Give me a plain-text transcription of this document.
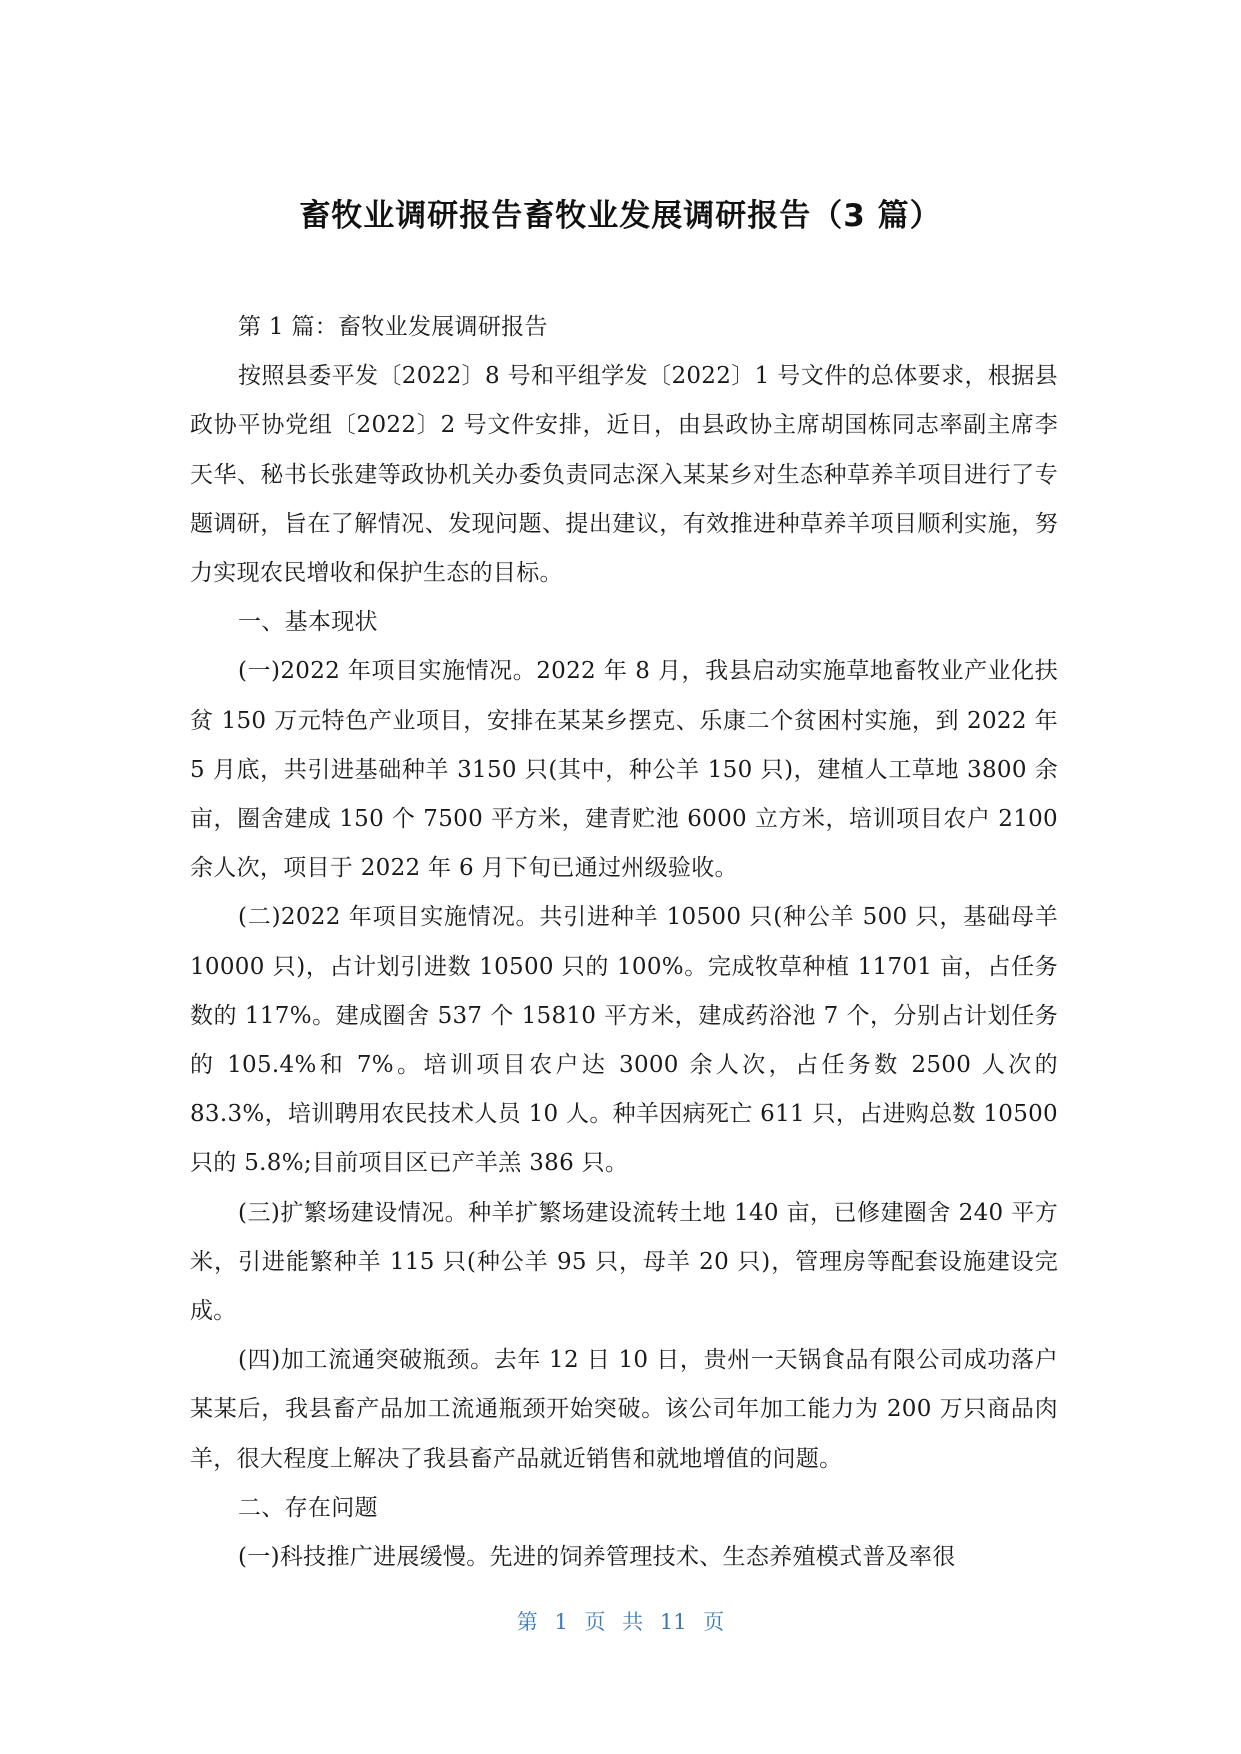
畜牧业调研报告畜牧业发展调研报告（3 篇）

第 1 篇：畜牧业发展调研报告

按照县委平发〔2022〕8 号和平组学发〔2022〕1 号文件的总体要求，根据县政协平协党组〔2022〕2 号文件安排，近日，由县政协主席胡国栋同志率副主席李天华、秘书长张建等政协机关办委负责同志深入某某乡对生态种草养羊项目进行了专题调研，旨在了解情况、发现问题、提出建议，有效推进种草养羊项目顺利实施，努力实现农民增收和保护生态的目标。

一、基本现状

(一)2022 年项目实施情况。2022 年 8 月，我县启动实施草地畜牧业产业化扶贫 150 万元特色产业项目，安排在某某乡摆克、乐康二个贫困村实施，到 2022 年 5 月底，共引进基础种羊 3150 只(其中，种公羊 150 只)，建植人工草地 3800 余亩，圈舍建成 150 个 7500 平方米，建青贮池 6000 立方米，培训项目农户 2100 余人次，项目于 2022 年 6 月下旬已通过州级验收。

(二)2022 年项目实施情况。共引进种羊 10500 只(种公羊 500 只，基础母羊 10000 只)，占计划引进数 10500 只的 100%。完成牧草种植 11701 亩，占任务数的 117%。建成圈舍 537 个 15810 平方米，建成药浴池 7 个，分别占计划任务的 105.4%和 7%。培训项目农户达 3000 余人次，占任务数 2500 人次的 83.3%，培训聘用农民技术人员 10 人。种羊因病死亡 611 只，占进购总数 10500 只的 5.8%;目前项目区已产羊羔 386 只。

(三)扩繁场建设情况。种羊扩繁场建设流转土地 140 亩，已修建圈舍 240 平方米，引进能繁种羊 115 只(种公羊 95 只，母羊 20 只)，管理房等配套设施建设完成。

(四)加工流通突破瓶颈。去年 12 日 10 日，贵州一天锅食品有限公司成功落户某某后，我县畜产品加工流通瓶颈开始突破。该公司年加工能力为 200 万只商品肉羊，很大程度上解决了我县畜产品就近销售和就地增值的问题。

二、存在问题

(一)科技推广进展缓慢。先进的饲养管理技术、生态养殖模式普及率很

第 1 页 共 11 页
